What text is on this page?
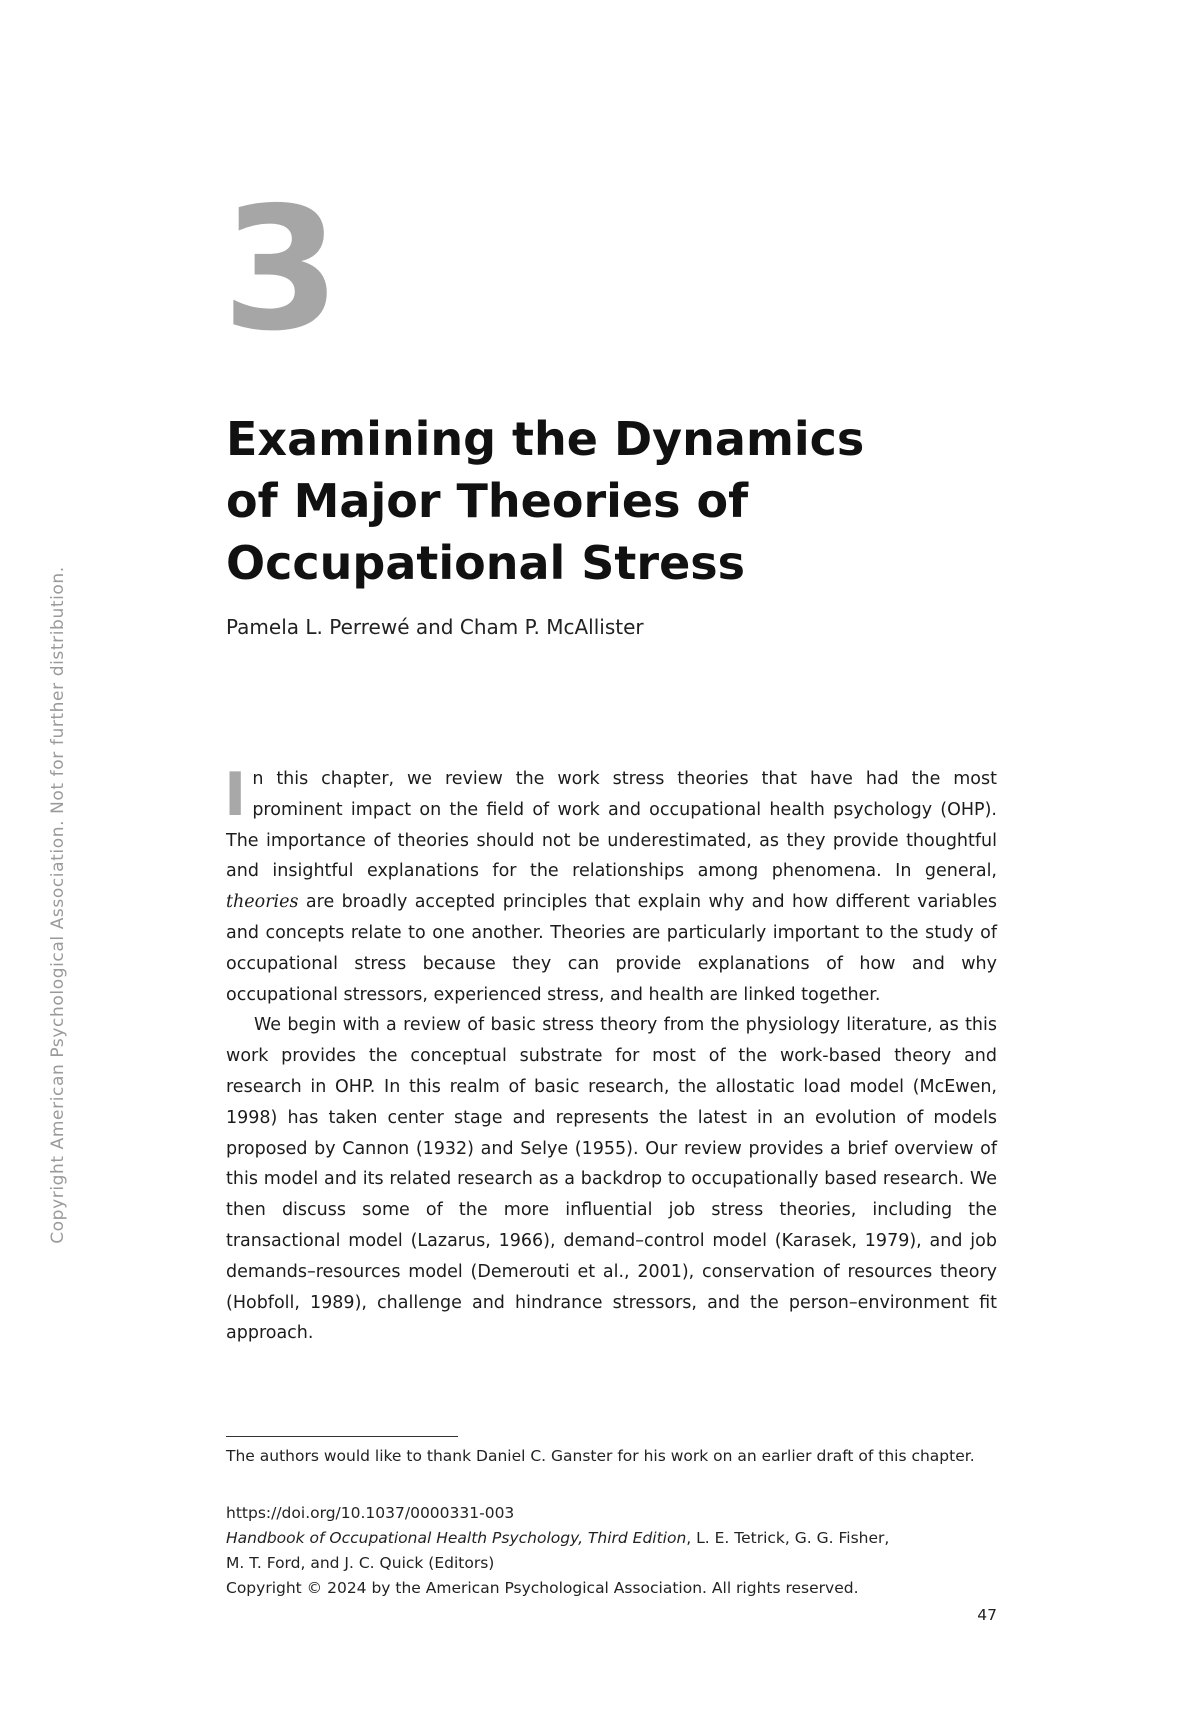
Copyright American Psychological Association. Not for further distribution.
3
Examining the Dynamics
of Major Theories of
Occupational Stress
Pamela L. Perrewé and Cham P. McAllister

In this chapter, we review the work stress theories that have had the most prominent impact on the field of work and occupational health psychology (OHP). The importance of theories should not be underestimated, as they provide thoughtful and insightful explanations for the relationships among phenomena. In general, theories are broadly accepted principles that explain why and how different variables and concepts relate to one another. Theories are particularly important to the study of occupational stress because they can provide explanations of how and why occupational stressors, experienced stress, and health are linked together.

We begin with a review of basic stress theory from the physiology literature, as this work provides the conceptual substrate for most of the work-based theory and research in OHP. In this realm of basic research, the allostatic load model (McEwen, 1998) has taken center stage and represents the latest in an evolution of models proposed by Cannon (1932) and Selye (1955). Our review provides a brief overview of this model and its related research as a backdrop to occupationally based research. We then discuss some of the more influential job stress theories, including the transactional model (Lazarus, 1966), demand–control model (Karasek, 1979), and job demands–resources model (Demerouti et al., 2001), conservation of resources theory (Hobfoll, 1989), challenge and hindrance stressors, and the person–environment fit approach.

The authors would like to thank Daniel C. Ganster for his work on an earlier draft of this chapter.
https://doi.org/10.1037/0000331-003
Handbook of Occupational Health Psychology, Third Edition, L. E. Tetrick, G. G. Fisher,
M. T. Ford, and J. C. Quick (Editors)
Copyright © 2024 by the American Psychological Association. All rights reserved.
47
